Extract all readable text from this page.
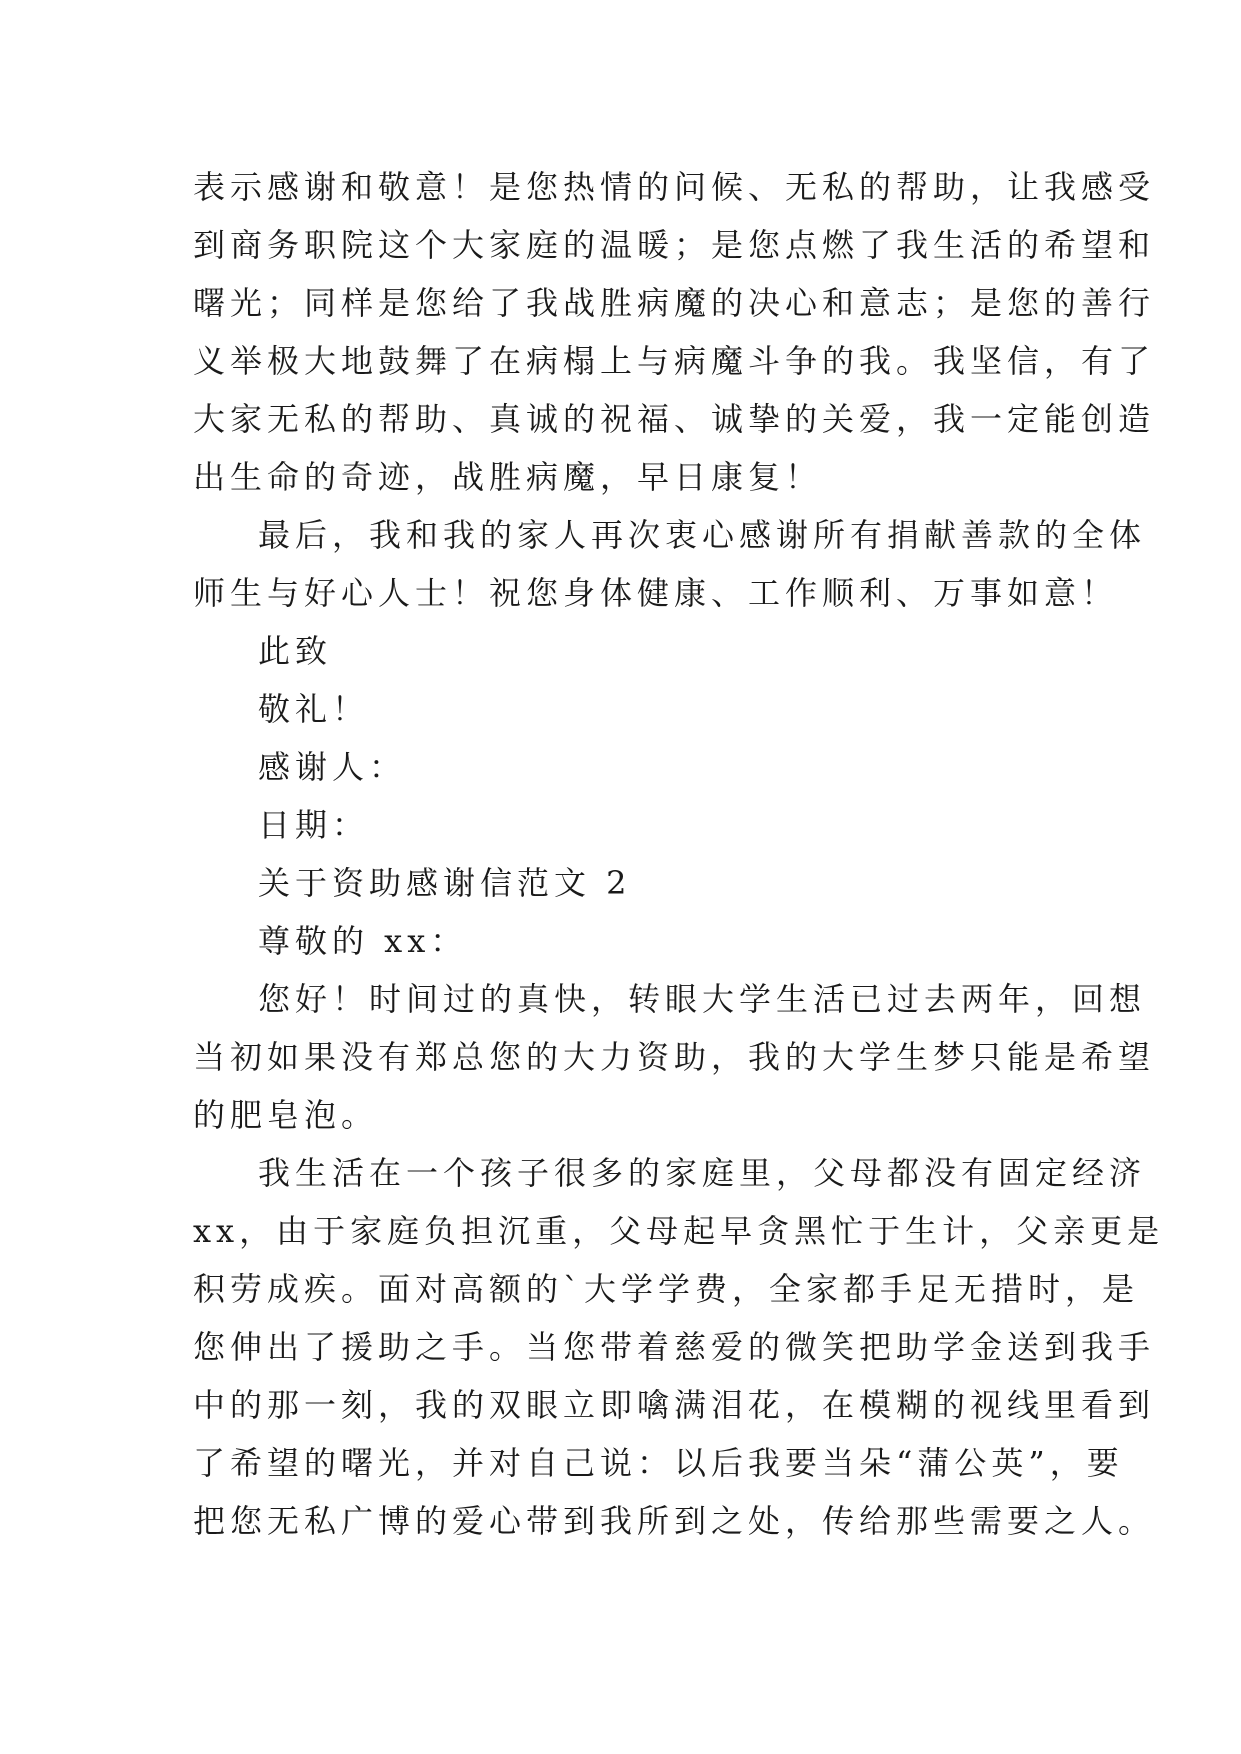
表示感谢和敬意！是您热情的问候、无私的帮助，让我感受
到商务职院这个大家庭的温暖；是您点燃了我生活的希望和
曙光；同样是您给了我战胜病魔的决心和意志；是您的善行
义举极大地鼓舞了在病榻上与病魔斗争的我。我坚信，有了
大家无私的帮助、真诚的祝福、诚挚的关爱，我一定能创造
出生命的奇迹，战胜病魔，早日康复！
最后，我和我的家人再次衷心感谢所有捐献善款的全体
师生与好心人士！祝您身体健康、工作顺利、万事如意！
此致
敬礼！
感谢人：
日期：
关于资助感谢信范文 2
尊敬的 xx：
您好！时间过的真快，转眼大学生活已过去两年，回想
当初如果没有郑总您的大力资助，我的大学生梦只能是希望
的肥皂泡。
我生活在一个孩子很多的家庭里，父母都没有固定经济
xx，由于家庭负担沉重，父母起早贪黑忙于生计，父亲更是
积劳成疾。面对高额的`大学学费，全家都手足无措时，是
您伸出了援助之手。当您带着慈爱的微笑把助学金送到我手
中的那一刻，我的双眼立即噙满泪花，在模糊的视线里看到
了希望的曙光，并对自己说：以后我要当朵“蒲公英”，要
把您无私广博的爱心带到我所到之处，传给那些需要之人。
